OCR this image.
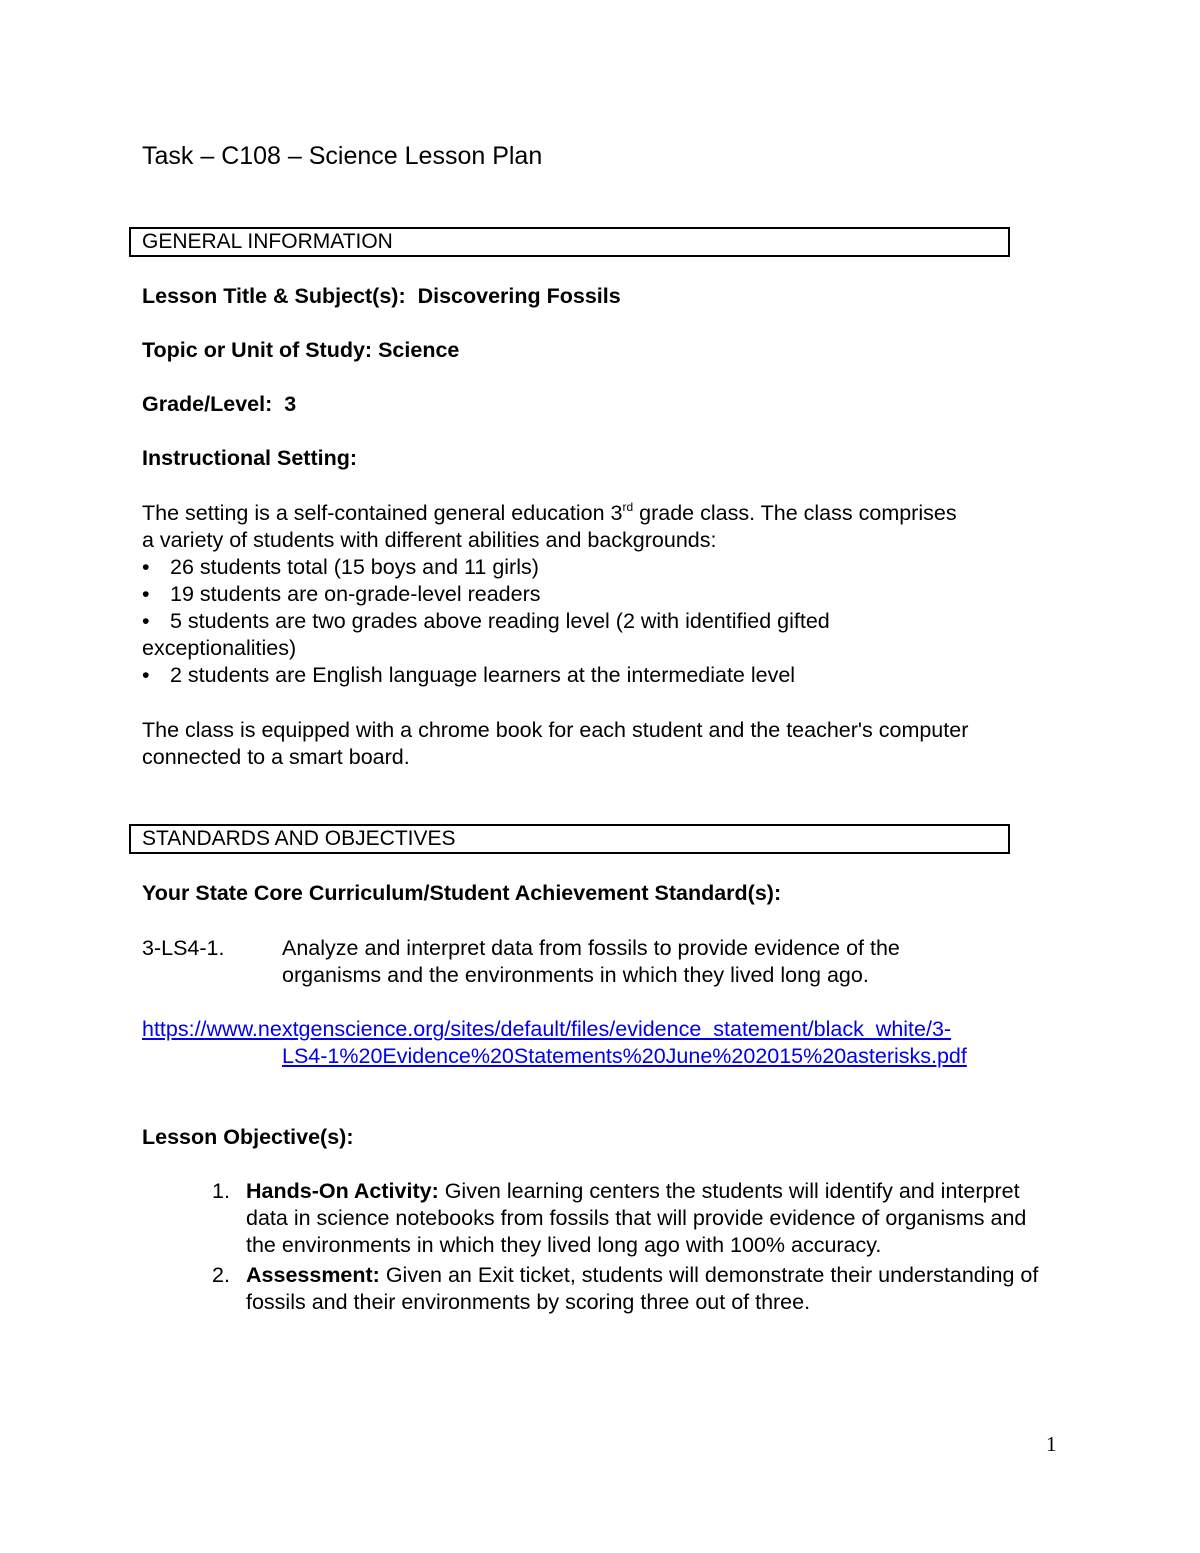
Task – C108 – Science Lesson Plan
GENERAL INFORMATION
Lesson Title & Subject(s): Discovering Fossils
Topic or Unit of Study: Science
Grade/Level: 3
Instructional Setting:
The setting is a self-contained general education 3rd grade class. The class comprises
a variety of students with different abilities and backgrounds:
• 26 students total (15 boys and 11 girls)
• 19 students are on-grade-level readers
• 5 students are two grades above reading level (2 with identified gifted
exceptionalities)
• 2 students are English language learners at the intermediate level
The class is equipped with a chrome book for each student and the teacher's computer
connected to a smart board.
STANDARDS AND OBJECTIVES
Your State Core Curriculum/Student Achievement Standard(s):
3-LS4-1.	Analyze and interpret data from fossils to provide evidence of the
organisms and the environments in which they lived long ago.
https://www.nextgenscience.org/sites/default/files/evidence_statement/black_white/3-
LS4-1%20Evidence%20Statements%20June%202015%20asterisks.pdf
Lesson Objective(s):
1. Hands-On Activity: Given learning centers the students will identify and interpret
data in science notebooks from fossils that will provide evidence of organisms and
the environments in which they lived long ago with 100% accuracy.
2. Assessment: Given an Exit ticket, students will demonstrate their understanding of
fossils and their environments by scoring three out of three.
1
